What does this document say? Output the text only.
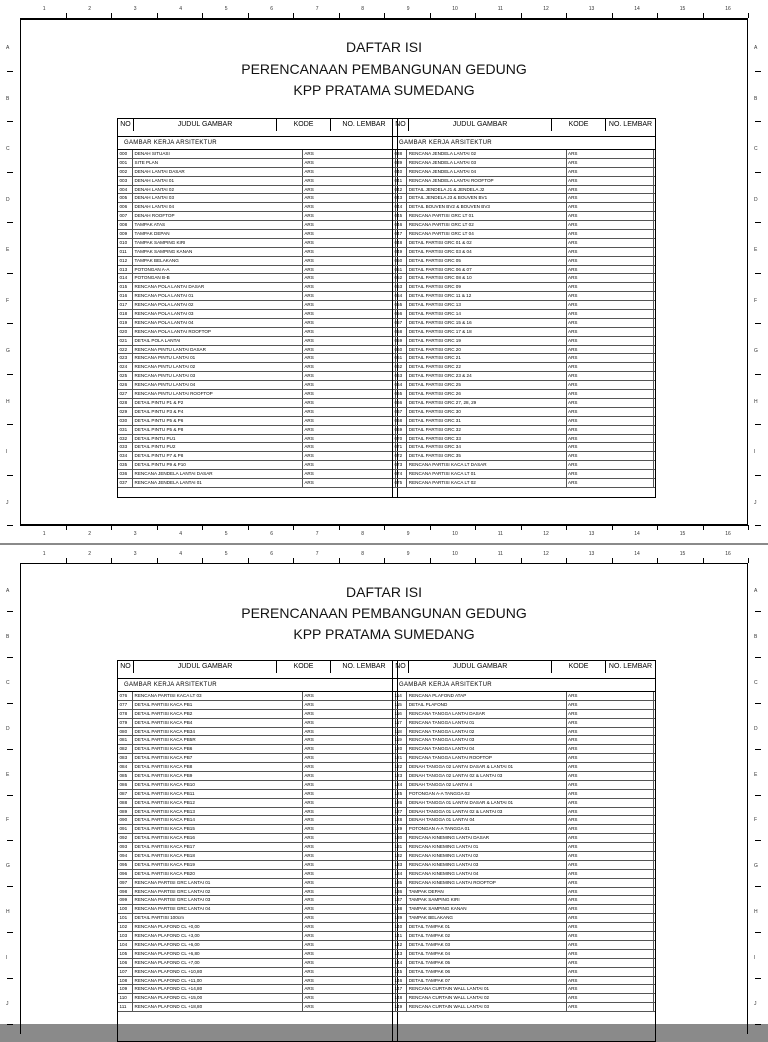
1	2	3	4	5	6	7	8	9	10	11	12	13	14	15	16
A
B
C
D
E
F
G
H
I
J
A
B
C
D
E
F
G
H
I
J
DAFTAR ISI
PERENCANAAN PEMBANGUNAN GEDUNG
KPP PRATAMA SUMEDANG
NO	JUDUL GAMBAR	KODE	NO. LEMBAR
GAMBAR KERJA ARSITEKTUR
000	DENAH SITUASI	ARS
001	SITE PLAN	ARS
002	DENAH LANTAI DASAR	ARS
003	DENAH LANTAI 01	ARS
004	DENAH LANTAI 02	ARS
005	DENAH LANTAI 03	ARS
006	DENAH LANTAI 04	ARS
007	DENAH ROOFTOP	ARS
008	TAMPAK ATAS	ARS
009	TAMPAK DEPAN	ARS
010	TAMPAK SAMPING KIRI	ARS
011	TAMPAK SAMPING KANAN	ARS
012	TAMPAK BELAKANG	ARS
013	POTONGAN A-A	ARS
014	POTONGAN B-B	ARS
015	RENCANA POLA LANTAI DASAR	ARS
016	RENCANA POLA LANTAI 01	ARS
017	RENCANA POLA LANTAI 02	ARS
018	RENCANA POLA LANTAI 03	ARS
019	RENCANA POLA LANTAI 04	ARS
020	RENCANA POLA LANTAI ROOFTOP	ARS
021	DETAIL POLA LANTAI	ARS
022	RENCANA PINTU LANTAI DASAR	ARS
023	RENCANA PINTU LANTAI 01	ARS
024	RENCANA PINTU LANTAI 02	ARS
025	RENCANA PINTU LANTAI 03	ARS
026	RENCANA PINTU LANTAI 04	ARS
027	RENCANA PINTU LANTAI ROOFTOP	ARS
028	DETAIL PINTU P1 & P2	ARS
029	DETAIL PINTU P3 & P4	ARS
030	DETAIL PINTU P5 & P6	ARS
031	DETAIL PINTU P5 & P8	ARS
032	DETAIL PINTU PU1	ARS
033	DETAIL PINTU PU2	ARS
034	DETAIL PINTU P7 & P8	ARS
035	DETAIL PINTU P9 & P10	ARS
036	RENCANA JENDELA LANTAI DASAR	ARS
037	RENCANA JENDELA LANTAI 01	ARS
NO	JUDUL GAMBAR	KODE	NO. LEMBAR
GAMBAR KERJA ARSITEKTUR
038	RENCANA JENDELA LANTAI 02	ARS
039	RENCANA JENDELA LANTAI 03	ARS
040	RENCANA JENDELA LANTAI 04	ARS
041	RENCANA JENDELA LANTAI ROOFTOP	ARS
042	DETAIL JENDELA J1 & JENDELA J2	ARS
043	DETAIL JENDELA J3 & BOUVEN BV1	ARS
044	DETAIL BOUVEN BV2 & BOUVEN BV3	ARS
045	RENCANA PARTISI GRC LT 01	ARS
046	RENCANA PARTISI GRC LT 02	ARS
047	RENCANA PARTISI GRC LT 04	ARS
048	DETAIL PARTISI GRC 01 & 02	ARS
049	DETAIL PARTISI GRC 03 & 04	ARS
050	DETAIL PARTISI GRC 05	ARS
051	DETAIL PARTISI GRC 06 & 07	ARS
052	DETAIL PARTISI GRC 08 & 10	ARS
053	DETAIL PARTISI GRC 09	ARS
054	DETAIL PARTISI GRC 11 & 12	ARS
055	DETAIL PARTISI GRC 13	ARS
056	DETAIL PARTISI GRC 14	ARS
057	DETAIL PARTISI GRC 15 & 16	ARS
058	DETAIL PARTISI GRC 17 & 18	ARS
059	DETAIL PARTISI GRC 19	ARS
060	DETAIL PARTISI GRC 20	ARS
061	DETAIL PARTISI GRC 21	ARS
062	DETAIL PARTISI GRC 22	ARS
063	DETAIL PARTISI GRC 23 & 24	ARS
064	DETAIL PARTISI GRC 25	ARS
065	DETAIL PARTISI GRC 26	ARS
066	DETAIL PARTISI GRC 27, 28, 29	ARS
067	DETAIL PARTISI GRC 30	ARS
068	DETAIL PARTISI GRC 31	ARS
069	DETAIL PARTISI GRC 32	ARS
070	DETAIL PARTISI GRC 33	ARS
071	DETAIL PARTISI GRC 34	ARS
072	DETAIL PARTISI GRC 35	ARS
073	RENCANA PARTISI KACA LT DASAR	ARS
074	RENCANA PARTISI KACA LT 01	ARS
075	RENCANA PARTISI KACA LT 02	ARS
1	2	3	4	5	6	7	8	9	10	11	12	13	14	15	16
1	2	3	4	5	6	7	8	9	10	11	12	13	14	15	16
A
B
C
D
E
F
G
H
I
J
A
B
C
D
E
F
G
H
I
J
DAFTAR ISI
PERENCANAAN PEMBANGUNAN GEDUNG
KPP PRATAMA SUMEDANG
NO	JUDUL GAMBAR	KODE	NO. LEMBAR
GAMBAR KERJA ARSITEKTUR
076	RENCANA PARTISI KACA LT 03	ARS
077	DETAIL PARTISI KACA PB1	ARS
078	DETAIL PARTISI KACA PB2	ARS
079	DETAIL PARTISI KACA PB4	ARS
080	DETAIL PARTISI KACA PB34	ARS
081	DETAIL PARTISI KACA PB5R	ARS
082	DETAIL PARTISI KACA PB6	ARS
083	DETAIL PARTISI KACA PB7	ARS
084	DETAIL PARTISI KACA PB8	ARS
085	DETAIL PARTISI KACA PB9	ARS
086	DETAIL PARTISI KACA PB10	ARS
087	DETAIL PARTISI KACA PB11	ARS
088	DETAIL PARTISI KACA PB12	ARS
089	DETAIL PARTISI KACA PB13	ARS
090	DETAIL PARTISI KACA PB14	ARS
091	DETAIL PARTISI KACA PB15	ARS
092	DETAIL PARTISI KACA PB16	ARS
093	DETAIL PARTISI KACA PB17	ARS
094	DETAIL PARTISI KACA PB18	ARS
095	DETAIL PARTISI KACA PB19	ARS
096	DETAIL PARTISI KACA PB20	ARS
097	RENCANA PARTISI GRC LANTAI 01	ARS
098	RENCANA PARTISI GRC LANTAI 02	ARS
099	RENCANA PARTISI GRC LANTAI 03	ARS
100	RENCANA PARTISI GRC LANTAI 04	ARS
101	DETAIL PARTISI 100cm	ARS
102	RENCANA PLAFOND CL +0,00	ARS
103	RENCANA PLAFOND CL +3,00	ARS
104	RENCANA PLAFOND CL +6,00	ARS
105	RENCANA PLAFOND CL +6,80	ARS
106	RENCANA PLAFOND CL +7,00	ARS
107	RENCANA PLAFOND CL +10,80	ARS
108	RENCANA PLAFOND CL +11,00	ARS
109	RENCANA PLAFOND CL +14,80	ARS
110	RENCANA PLAFOND CL +15,00	ARS
111	RENCANA PLAFOND CL +18,80	ARS
NO	JUDUL GAMBAR	KODE	NO. LEMBAR
GAMBAR KERJA ARSITEKTUR
114	RENCANA PLAFOND ATAP	ARS
115	DETAIL PLAFOND	ARS
116	RENCANA TANGGA LANTAI DASAR	ARS
117	RENCANA TANGGA LANTAI 01	ARS
118	RENCANA TANGGA LANTAI 02	ARS
119	RENCANA TANGGA LANTAI 03	ARS
120	RENCANA TANGGA LANTAI 04	ARS
121	RENCANA TANGGA LANTAI ROOFTOP	ARS
122	DENAH TANGGA 02 LANTAI DASAR & LANTAI 01	ARS
123	DENAH TANGGA 02 LANTAI 02 & LANTAI 03	ARS
124	DENAH TANGGA 02 LANTAI 4	ARS
125	POTONGAN A-A TANGGA 02	ARS
126	DENAH TANGGA 01 LANTAI DASAR & LANTAI 01	ARS
127	DENAH TANGGA 01 LANTAI 02 & LANTAI 03	ARS
128	DENAH TANGGA 01 LANTAI 04	ARS
129	POTONGAN A-A TANGGA 01	ARS
130	RENCANA KINEMING LANTAI DASAR	ARS
131	RENCANA KINEMING LANTAI 01	ARS
132	RENCANA KINEMING LANTAI 02	ARS
133	RENCANA KINEMING LANTAI 03	ARS
134	RENCANA KINEMING LANTAI 04	ARS
135	RENCANA KINEMING LANTAI ROOFTOP	ARS
136	TAMPAK DEPAN	ARS
137	TAMPAK SAMPING KIRI	ARS
138	TAMPAK SAMPING KANAN	ARS
139	TAMPAK BELAKANG	ARS
140	DETAIL TAMPAK 01	ARS
141	DETAIL TAMPAK 02	ARS
142	DETAIL TAMPAK 03	ARS
143	DETAIL TAMPAK 04	ARS
144	DETAIL TAMPAK 05	ARS
145	DETAIL TAMPAK 06	ARS
146	DETAIL TAMPAK 07	ARS
147	RENCANA CURTAIN WALL LANTAI 01	ARS
148	RENCANA CURTAIN WALL LANTAI 02	ARS
149	RENCANA CURTAIN WALL LANTAI 03	ARS
